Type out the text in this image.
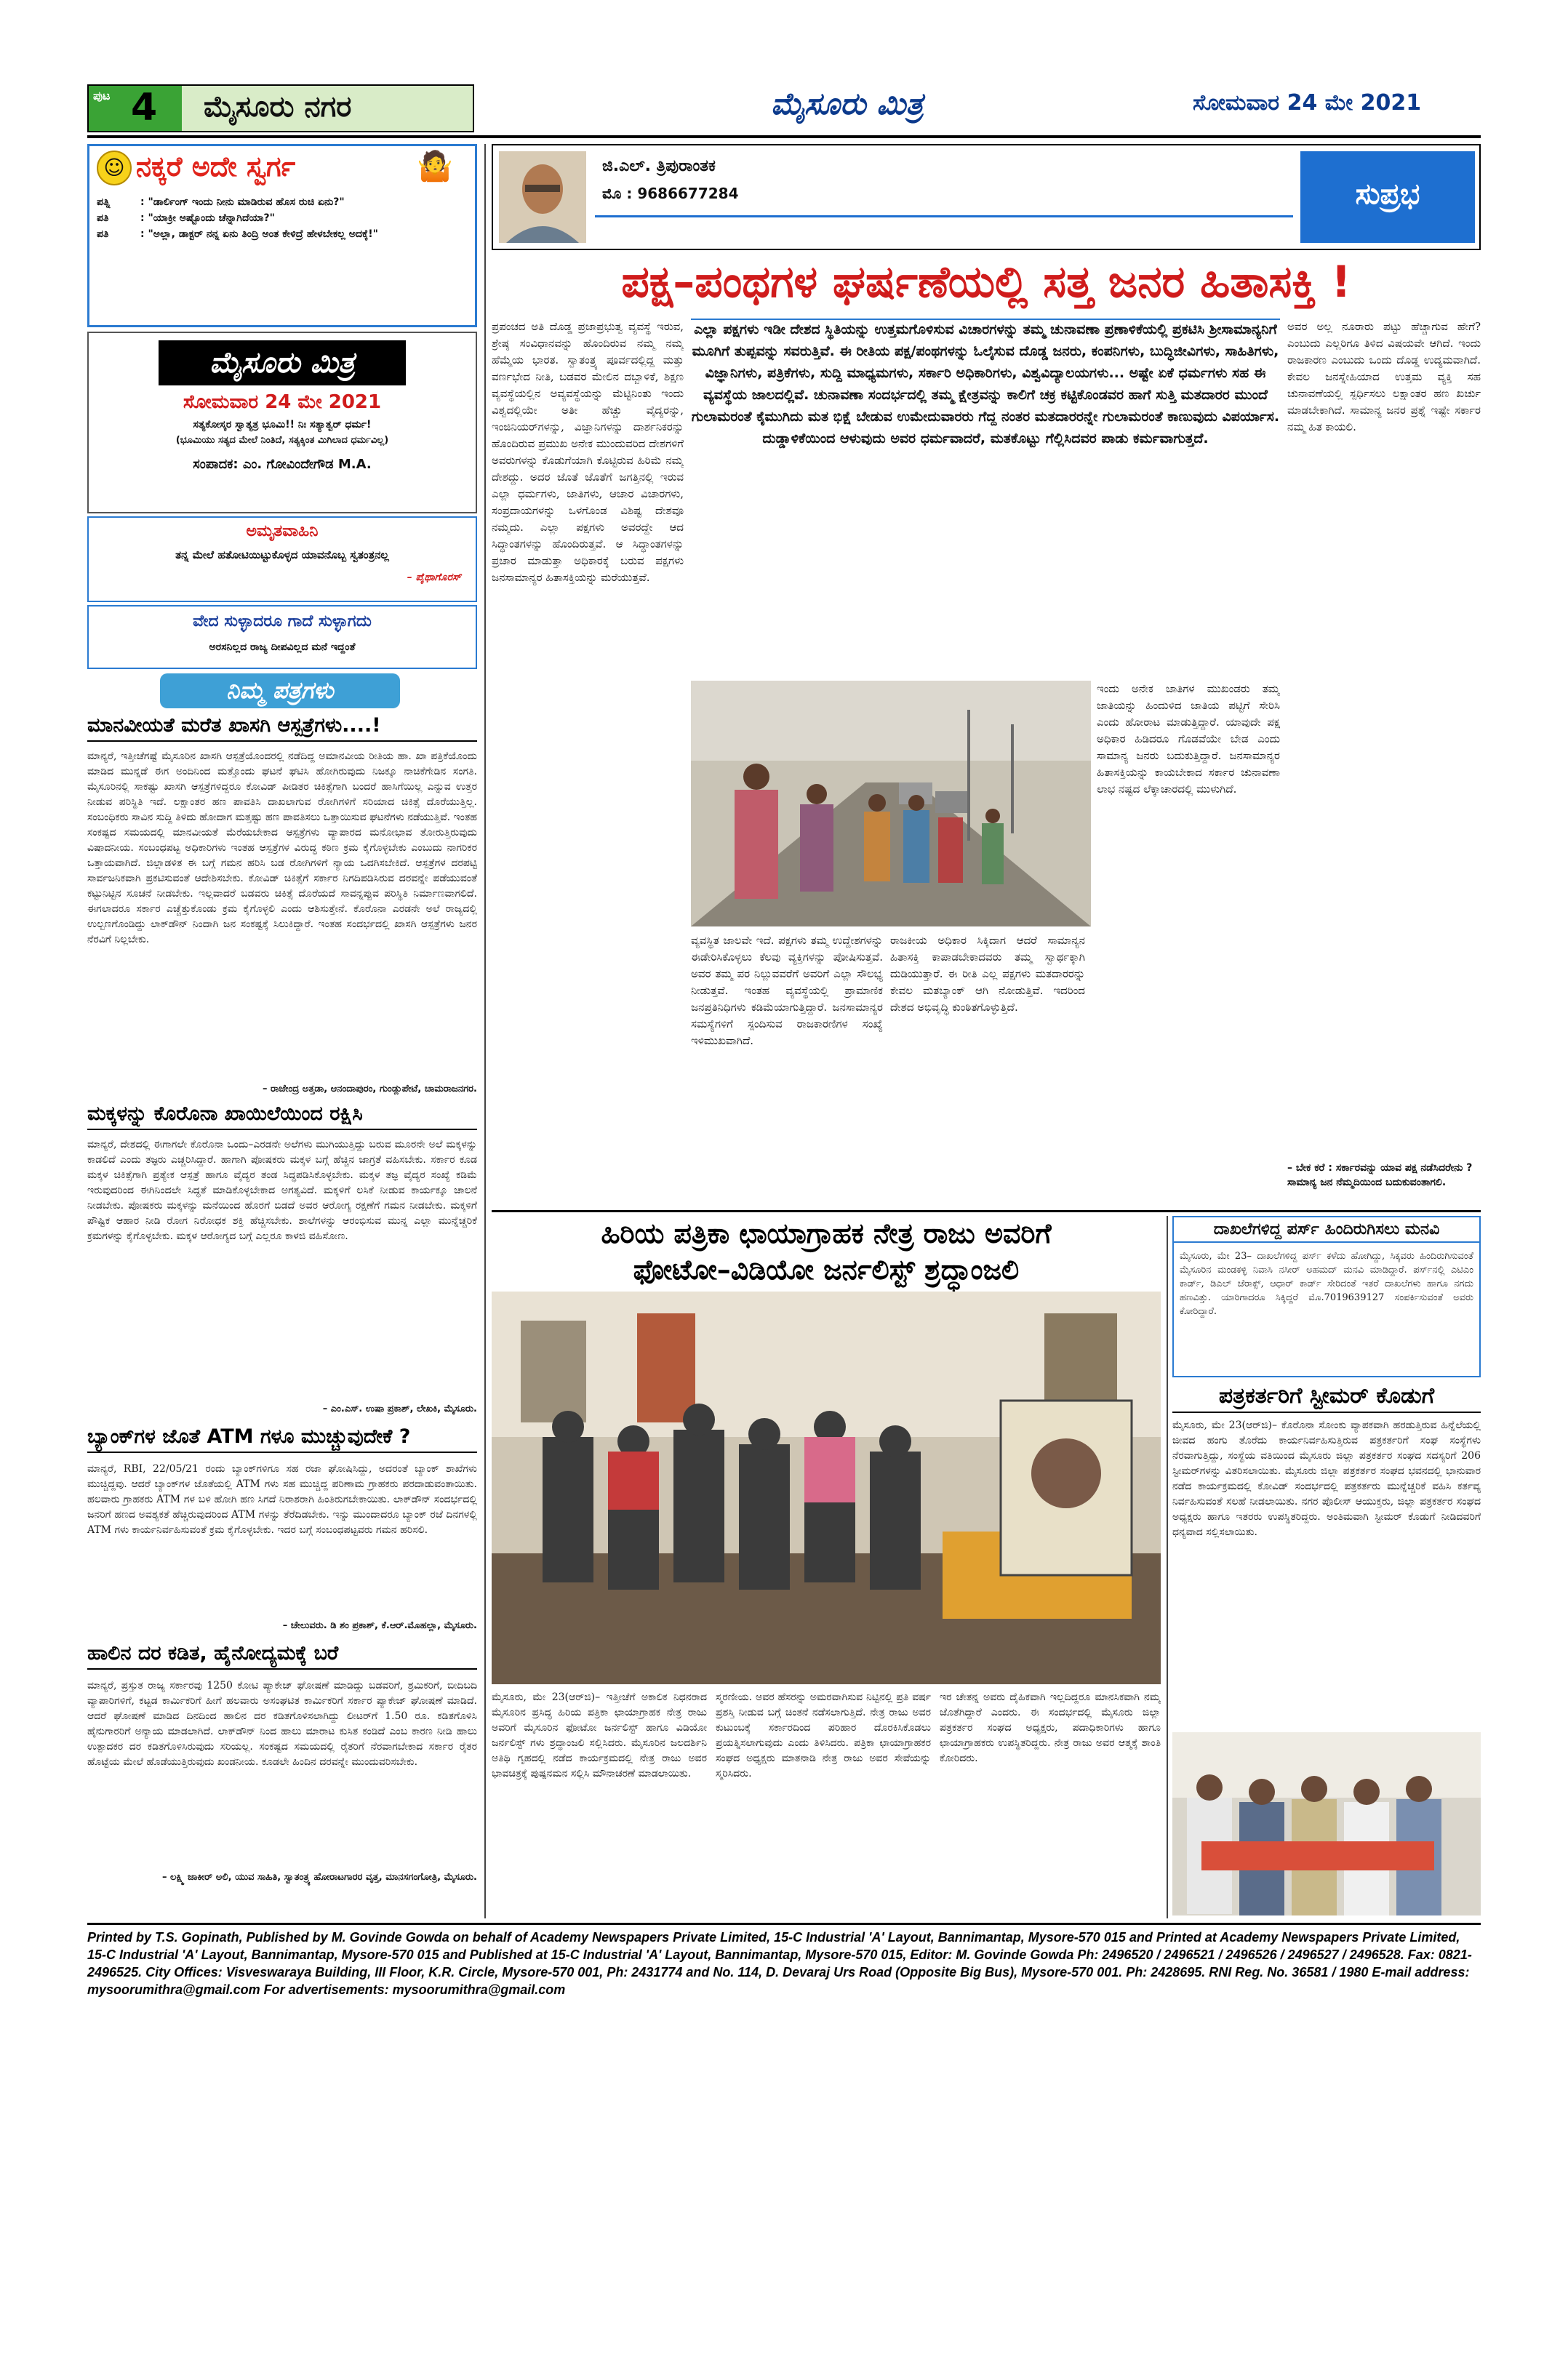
ಪುಟ 4 ಮೈಸೂರು ನಗರ	ಮೈಸೂರು ಮಿತ್ರ	ಸೋಮವಾರ 24 ಮೇ 2021
☺ ನಕ್ಕರೆ ಅದೇ ಸ್ವರ್ಗ	🤷
ಪತ್ನಿ	: "ಡಾರ್ಲಿಂಗ್ ಇಂದು ನೀನು ಮಾಡಿರುವ ಹೊಸ ರುಚಿ ಏನು?"
ಪತಿ	: "ಯಾಕ್ರೀ ಅಷ್ಟೊಂದು ಚೆನ್ನಾಗಿದೆಯಾ?"
ಪತಿ	: "ಅಲ್ಲಾ, ಡಾಕ್ಟರ್ ನನ್ನ ಏನು ತಿಂದ್ರಿ ಅಂತ ಕೇಳಿದ್ರೆ ಹೇಳಬೇಕಲ್ಲ ಅದಕ್ಕೆ!"
ಮೈಸೂರು ಮಿತ್ರ
ಸೋಮವಾರ 24 ಮೇ 2021
ಸತ್ಯಕೋಸ್ಕರ ಸ್ವಾತ್ಯತ್ರ ಭೂಮಿ!! ನಿಃ ಸತ್ಯಾತ್ವರ್ ಧರ್ಮ!
(ಭೂಮಿಯು ಸತ್ಯದ ಮೇಲೆ ನಿಂತಿದೆ, ಸತ್ಯಕ್ಕಿಂತ ಮಿಗಿಲಾದ ಧರ್ಮವಿಲ್ಲ)
ಸಂಪಾದಕ: ಎಂ. ಗೋವಿಂದೇಗೌಡ M.A.
ಅಮೃತವಾಹಿನಿ
ತನ್ನ ಮೇಲೆ ಹತೋಟಿಯಿಟ್ಟುಕೊಳ್ಳದ ಯಾವನೊಬ್ಬ ಸ್ವತಂತ್ರನಲ್ಲ
– ಪೈಥಾಗೊರಸ್
ವೇದ ಸುಳ್ಳಾದರೂ ಗಾದೆ ಸುಳ್ಳಾಗದು
ಅರಸನಿಲ್ಲದ ರಾಜ್ಯ ದೀಪವಿಲ್ಲದ ಮನೆ ಇದ್ದಂತೆ
ನಿಮ್ಮ ಪತ್ರಗಳು
ಮಾನವೀಯತೆ ಮರೆತ ಖಾಸಗಿ ಆಸ್ಪತ್ರೆಗಳು....!
ಮಾನ್ಯರೆ, ಇತ್ತೀಚೆಗಷ್ಟೆ ಮೈಸೂರಿನ ಖಾಸಗಿ ಆಸ್ಪತ್ರೆಯೊಂದರಲ್ಲಿ ನಡೆದಿದ್ದ ಅಮಾನವೀಯ ರೀತಿಯ ಹಾ. ಖಾ ಪತ್ರಿಕೆಯೊಂದು ಮಾಡಿದ ಮುನ್ನಡೆ ಈಗ ಅಂದಿನಿಂದ ಮತ್ತೊಂದು ಘಟನೆ ಘಟಿಸಿ ಹೋಗಿರುವುದು ನಿಜಕ್ಕೂ ನಾಚಿಕೆಗೇಡಿನ ಸಂಗತಿ. ಮೈಸೂರಿನಲ್ಲಿ ಸಾಕಷ್ಟು ಖಾಸಗಿ ಆಸ್ಪತ್ರೆಗಳಿದ್ದರೂ ಕೋವಿಡ್ ಪೀಡಿತರ ಚಿಕಿತ್ಸೆಗಾಗಿ ಬಂದರೆ ಹಾಸಿಗೆಯಿಲ್ಲ ಎನ್ನುವ ಉತ್ತರ ನೀಡುವ ಪರಿಸ್ಥಿತಿ ಇದೆ. ಲಕ್ಷಾಂತರ ಹಣ ಪಾವತಿಸಿ ದಾಖಲಾಗುವ ರೋಗಿಗಳಿಗೆ ಸರಿಯಾದ ಚಿಕಿತ್ಸೆ ದೊರೆಯುತ್ತಿಲ್ಲ. ಸಂಬಂಧಿಕರು ಸಾವಿನ ಸುದ್ದಿ ತಿಳಿದು ಹೋದಾಗ ಮತ್ತಷ್ಟು ಹಣ ಪಾವತಿಸಲು ಒತ್ತಾಯಿಸುವ ಘಟನೆಗಳು ನಡೆಯುತ್ತಿವೆ. ಇಂತಹ ಸಂಕಷ್ಟದ ಸಮಯದಲ್ಲಿ ಮಾನವೀಯತೆ ಮೆರೆಯಬೇಕಾದ ಆಸ್ಪತ್ರೆಗಳು ವ್ಯಾಪಾರದ ಮನೋಭಾವ ತೋರುತ್ತಿರುವುದು ವಿಷಾದನೀಯ. ಸಂಬಂಧಪಟ್ಟ ಅಧಿಕಾರಿಗಳು ಇಂತಹ ಆಸ್ಪತ್ರೆಗಳ ವಿರುದ್ಧ ಕಠಿಣ ಕ್ರಮ ಕೈಗೊಳ್ಳಬೇಕು ಎಂಬುದು ನಾಗರಿಕರ ಒತ್ತಾಯವಾಗಿದೆ. ಜಿಲ್ಲಾಡಳಿತ ಈ ಬಗ್ಗೆ ಗಮನ ಹರಿಸಿ ಬಡ ರೋಗಿಗಳಿಗೆ ನ್ಯಾಯ ಒದಗಿಸಬೇಕಿದೆ. ಆಸ್ಪತ್ರೆಗಳ ದರಪಟ್ಟಿ ಸಾರ್ವಜನಿಕವಾಗಿ ಪ್ರಕಟಿಸುವಂತೆ ಆದೇಶಿಸಬೇಕು. ಕೋವಿಡ್ ಚಿಕಿತ್ಸೆಗೆ ಸರ್ಕಾರ ನಿಗದಿಪಡಿಸಿರುವ ದರವನ್ನೇ ಪಡೆಯುವಂತೆ ಕಟ್ಟುನಿಟ್ಟಿನ ಸೂಚನೆ ನೀಡಬೇಕು. ಇಲ್ಲವಾದರೆ ಬಡವರು ಚಿಕಿತ್ಸೆ ದೊರೆಯದೆ ಸಾವನ್ನಪ್ಪುವ ಪರಿಸ್ಥಿತಿ ನಿರ್ಮಾಣವಾಗಲಿದೆ. ಈಗಲಾದರೂ ಸರ್ಕಾರ ಎಚ್ಚೆತ್ತುಕೊಂಡು ಕ್ರಮ ಕೈಗೊಳ್ಳಲಿ ಎಂದು ಆಶಿಸುತ್ತೇನೆ. ಕೊರೊನಾ ಎರಡನೇ ಅಲೆ ರಾಜ್ಯದಲ್ಲಿ ಉಲ್ಬಣಗೊಂಡಿದ್ದು ಲಾಕ್‌ಡೌನ್ ನಿಂದಾಗಿ ಜನ ಸಂಕಷ್ಟಕ್ಕೆ ಸಿಲುಕಿದ್ದಾರೆ. ಇಂತಹ ಸಂದರ್ಭದಲ್ಲಿ ಖಾಸಗಿ ಆಸ್ಪತ್ರೆಗಳು ಜನರ ನೆರವಿಗೆ ನಿಲ್ಲಬೇಕು.
– ರಾಜೇಂದ್ರ ಅತ್ತಡಾ, ಆನಂದಾಪುರಂ, ಗುಂಡ್ಲುಪೇಟೆ, ಚಾಮರಾಜನಗರ.
ಮಕ್ಕಳನ್ನು ಕೊರೊನಾ ಖಾಯಿಲೆಯಿಂದ ರಕ್ಷಿಸಿ
ಮಾನ್ಯರೆ, ದೇಶದಲ್ಲಿ ಈಗಾಗಲೇ ಕೊರೊನಾ ಒಂದು–ಎರಡನೇ ಅಲೆಗಳು ಮುಗಿಯುತ್ತಿದ್ದು ಬರುವ ಮೂರನೇ ಅಲೆ ಮಕ್ಕಳನ್ನು ಕಾಡಲಿದೆ ಎಂದು ತಜ್ಞರು ಎಚ್ಚರಿಸಿದ್ದಾರೆ. ಹಾಗಾಗಿ ಪೋಷಕರು ಮಕ್ಕಳ ಬಗ್ಗೆ ಹೆಚ್ಚಿನ ಜಾಗ್ರತೆ ವಹಿಸಬೇಕು. ಸರ್ಕಾರ ಕೂಡ ಮಕ್ಕಳ ಚಿಕಿತ್ಸೆಗಾಗಿ ಪ್ರತ್ಯೇಕ ಆಸ್ಪತ್ರೆ ಹಾಗೂ ವೈದ್ಯರ ತಂಡ ಸಿದ್ಧಪಡಿಸಿಕೊಳ್ಳಬೇಕು. ಮಕ್ಕಳ ತಜ್ಞ ವೈದ್ಯರ ಸಂಖ್ಯೆ ಕಡಿಮೆ ಇರುವುದರಿಂದ ಈಗಿನಿಂದಲೇ ಸಿದ್ಧತೆ ಮಾಡಿಕೊಳ್ಳಬೇಕಾದ ಅಗತ್ಯವಿದೆ. ಮಕ್ಕಳಿಗೆ ಲಸಿಕೆ ನೀಡುವ ಕಾರ್ಯಕ್ಕೂ ಚಾಲನೆ ನೀಡಬೇಕು. ಪೋಷಕರು ಮಕ್ಕಳನ್ನು ಮನೆಯಿಂದ ಹೊರಗೆ ಬಿಡದೆ ಅವರ ಆರೋಗ್ಯ ರಕ್ಷಣೆಗೆ ಗಮನ ನೀಡಬೇಕು. ಮಕ್ಕಳಿಗೆ ಪೌಷ್ಟಿಕ ಆಹಾರ ನೀಡಿ ರೋಗ ನಿರೋಧಕ ಶಕ್ತಿ ಹೆಚ್ಚಿಸಬೇಕು. ಶಾಲೆಗಳನ್ನು ಆರಂಭಿಸುವ ಮುನ್ನ ಎಲ್ಲಾ ಮುನ್ನೆಚ್ಚರಿಕೆ ಕ್ರಮಗಳನ್ನು ಕೈಗೊಳ್ಳಬೇಕು. ಮಕ್ಕಳ ಆರೋಗ್ಯದ ಬಗ್ಗೆ ಎಲ್ಲರೂ ಕಾಳಜಿ ವಹಿಸೋಣ.
– ಎಂ.ಎಸ್. ಉಷಾ ಪ್ರಕಾಶ್, ಲೇಖಕಿ, ಮೈಸೂರು.
ಬ್ಯಾಂಕ್‌ಗಳ ಜೊತೆ ATM ಗಳೂ ಮುಚ್ಚುವುದೇಕೆ ?
ಮಾನ್ಯರೆ, RBI, 22/05/21 ರಂದು ಬ್ಯಾಂಕ್‌ಗಳಿಗೂ ಸಹ ರಜಾ ಘೋಷಿಸಿದ್ದು, ಅದರಂತೆ ಬ್ಯಾಂಕ್ ಶಾಖೆಗಳು ಮುಚ್ಚಿದ್ದವು. ಆದರೆ ಬ್ಯಾಂಕ್‌ಗಳ ಜೊತೆಯಲ್ಲಿ ATM ಗಳು ಸಹ ಮುಚ್ಚಿದ್ದ ಪರಿಣಾಮ ಗ್ರಾಹಕರು ಪರದಾಡುವಂತಾಯಿತು. ಹಲವಾರು ಗ್ರಾಹಕರು ATM ಗಳ ಬಳಿ ಹೋಗಿ ಹಣ ಸಿಗದೆ ನಿರಾಶರಾಗಿ ಹಿಂತಿರುಗಬೇಕಾಯಿತು. ಲಾಕ್‌ಡೌನ್ ಸಂದರ್ಭದಲ್ಲಿ ಜನರಿಗೆ ಹಣದ ಅವಶ್ಯಕತೆ ಹೆಚ್ಚಿರುವುದರಿಂದ ATM ಗಳನ್ನು ತೆರೆದಿಡಬೇಕು. ಇನ್ನು ಮುಂದಾದರೂ ಬ್ಯಾಂಕ್ ರಜೆ ದಿನಗಳಲ್ಲಿ ATM ಗಳು ಕಾರ್ಯನಿರ್ವಹಿಸುವಂತೆ ಕ್ರಮ ಕೈಗೊಳ್ಳಬೇಕು. ಇದರ ಬಗ್ಗೆ ಸಂಬಂಧಪಟ್ಟವರು ಗಮನ ಹರಿಸಲಿ.
– ಚೇಲುವರು. ಡಿ ಶಂ ಪ್ರಕಾಶ್, ಕೆ.ಆರ್.ಮೊಹಲ್ಲಾ, ಮೈಸೂರು.
ಹಾಲಿನ ದರ ಕಡಿತ, ಹೈನೋದ್ಯಮಕ್ಕೆ ಬರೆ
ಮಾನ್ಯರೆ, ಪ್ರಸ್ತುತ ರಾಜ್ಯ ಸರ್ಕಾರವು 1250 ಕೋಟಿ ಪ್ಯಾಕೇಜ್ ಘೋಷಣೆ ಮಾಡಿದ್ದು ಬಡವರಿಗೆ, ಶ್ರಮಿಕರಿಗೆ, ಬೀದಿಬದಿ ವ್ಯಾಪಾರಿಗಳಿಗೆ, ಕಟ್ಟಡ ಕಾರ್ಮಿಕರಿಗೆ ಹೀಗೆ ಹಲವಾರು ಅಸಂಘಟಿತ ಕಾರ್ಮಿಕರಿಗೆ ಸರ್ಕಾರ ಪ್ಯಾಕೇಜ್ ಘೋಷಣೆ ಮಾಡಿದೆ. ಆದರೆ ಘೋಷಣೆ ಮಾಡಿದ ದಿನದಿಂದ ಹಾಲಿನ ದರ ಕಡಿತಗೊಳಿಸಲಾಗಿದ್ದು ಲೀಟರ್‌ಗೆ 1.50 ರೂ. ಕಡಿತಗೊಳಿಸಿ ಹೈನುಗಾರರಿಗೆ ಅನ್ಯಾಯ ಮಾಡಲಾಗಿದೆ. ಲಾಕ್‌ಡೌನ್ ನಿಂದ ಹಾಲು ಮಾರಾಟ ಕುಸಿತ ಕಂಡಿದೆ ಎಂಬ ಕಾರಣ ನೀಡಿ ಹಾಲು ಉತ್ಪಾದಕರ ದರ ಕಡಿತಗೊಳಿಸಿರುವುದು ಸರಿಯಲ್ಲ. ಸಂಕಷ್ಟದ ಸಮಯದಲ್ಲಿ ರೈತರಿಗೆ ನೆರವಾಗಬೇಕಾದ ಸರ್ಕಾರ ರೈತರ ಹೊಟ್ಟೆಯ ಮೇಲೆ ಹೊಡೆಯುತ್ತಿರುವುದು ಖಂಡನೀಯ. ಕೂಡಲೇ ಹಿಂದಿನ ದರವನ್ನೇ ಮುಂದುವರಿಸಬೇಕು.
– ಲಕ್ಷ್ಮಿ ಜಾಕೀರ್ ಅಲಿ, ಯುವ ಸಾಹಿತಿ, ಸ್ವಾತಂತ್ರ್ಯ ಹೋರಾಟಗಾರರ ವೃತ್ತ, ಮಾನಸಗಂಗೋತ್ರಿ, ಮೈಸೂರು.
ಜಿ.ಎಲ್. ತ್ರಿಪುರಾಂತಕ
ಮೊ : 9686677284	ಸುಪ್ರಭ
ಪಕ್ಷ–ಪಂಥಗಳ ಘರ್ಷಣೆಯಲ್ಲಿ ಸತ್ತ ಜನರ ಹಿತಾಸಕ್ತಿ !
ಎಲ್ಲಾ ಪಕ್ಷಗಳು ಇಡೀ ದೇಶದ ಸ್ಥಿತಿಯನ್ನು ಉತ್ತಮಗೊಳಿಸುವ ವಿಚಾರಗಳನ್ನು ತಮ್ಮ ಚುನಾವಣಾ ಪ್ರಣಾಳಿಕೆಯಲ್ಲಿ ಪ್ರಕಟಿಸಿ ಶ್ರೀಸಾಮಾನ್ಯನಿಗೆ ಮೂಗಿಗೆ ತುಪ್ಪವನ್ನು ಸವರುತ್ತಿವೆ. ಈ ರೀತಿಯ ಪಕ್ಷ/ಪಂಥಗಳನ್ನು ಓಲೈಸುವ ದೊಡ್ಡ ಜನರು, ಕಂಪನಿಗಳು, ಬುದ್ಧಿಜೀವಿಗಳು, ಸಾಹಿತಿಗಳು, ವಿಜ್ಞಾನಿಗಳು, ಪತ್ರಿಕೆಗಳು, ಸುದ್ದಿ ಮಾಧ್ಯಮಗಳು, ಸರ್ಕಾರಿ ಅಧಿಕಾರಿಗಳು, ವಿಶ್ವವಿದ್ಯಾಲಯಗಳು... ಅಷ್ಟೇ ಏಕೆ ಧರ್ಮಗಳು ಸಹ ಈ ವ್ಯವಸ್ಥೆಯ ಜಾಲದಲ್ಲಿವೆ. ಚುನಾವಣಾ ಸಂದರ್ಭದಲ್ಲಿ ತಮ್ಮ ಕ್ಷೇತ್ರವನ್ನು ಕಾಲಿಗೆ ಚಕ್ರ ಕಟ್ಟಿಕೊಂಡವರ ಹಾಗೆ ಸುತ್ತಿ ಮತದಾರರ ಮುಂದೆ ಗುಲಾಮರಂತೆ ಕೈಮುಗಿದು ಮತ ಭಿಕ್ಷೆ ಬೇಡುವ ಉಮೇದುವಾರರು ಗೆದ್ದ ನಂತರ ಮತದಾರರನ್ನೇ ಗುಲಾಮರಂತೆ ಕಾಣುವುದು ವಿಪರ್ಯಾಸ. ದುಡ್ಡಾಳಿಕೆಯಿಂದ ಆಳುವುದು ಅವರ ಧರ್ಮವಾದರೆ, ಮತಕೊಟ್ಟು ಗೆಲ್ಲಿಸಿದವರ ಪಾಡು ಕರ್ಮವಾಗುತ್ತದೆ.
ಪ್ರಪಂಚದ ಅತಿ ದೊಡ್ಡ ಪ್ರಜಾಪ್ರಭುತ್ವ ವ್ಯವಸ್ಥೆ ಇರುವ, ಶ್ರೇಷ್ಠ ಸಂವಿಧಾನವನ್ನು ಹೊಂದಿರುವ ನಮ್ಮ ನಮ್ಮ ಹೆಮ್ಮೆಯ ಭಾರತ. ಸ್ವಾತಂತ್ರ್ಯ ಪೂರ್ವದಲ್ಲಿದ್ದ ಮತ್ತು ವರ್ಣಭೇದ ನೀತಿ, ಬಡವರ ಮೇಲಿನ ದಬ್ಬಾಳಿಕೆ, ಶಿಕ್ಷಣ ವ್ಯವಸ್ಥೆಯಲ್ಲಿನ ಅವ್ಯವಸ್ಥೆಯನ್ನು ಮೆಟ್ಟಿನಿಂತು ಇಂದು ವಿಶ್ವದಲ್ಲಿಯೇ ಅತೀ ಹೆಚ್ಚು ವೈದ್ಯರನ್ನು, ಇಂಜಿನಿಯರ್‌ಗಳನ್ನು, ವಿಜ್ಞಾನಿಗಳನ್ನು ದಾರ್ಶನಿಕರನ್ನು ಹೊಂದಿರುವ ಪ್ರಮುಖ ಅನೇಕ ಮುಂದುವರಿದ ದೇಶಗಳಿಗೆ ಅವರುಗಳನ್ನು ಕೊಡುಗೆಯಾಗಿ ಕೊಟ್ಟಿರುವ ಹಿರಿಮೆ ನಮ್ಮ ದೇಶದ್ದು. ಅದರ ಜೊತೆ ಜೊತೆಗೆ ಜಗತ್ತಿನಲ್ಲಿ ಇರುವ ಎಲ್ಲಾ ಧರ್ಮಗಳು, ಜಾತಿಗಳು, ಆಚಾರ ವಿಚಾರಗಳು, ಸಂಪ್ರದಾಯಗಳನ್ನು ಒಳಗೊಂಡ ವಿಶಿಷ್ಟ ದೇಶವೂ ನಮ್ಮದು. ಎಲ್ಲಾ ಪಕ್ಷಗಳು ಅವರದ್ದೇ ಆದ ಸಿದ್ಧಾಂತಗಳನ್ನು ಹೊಂದಿರುತ್ತವೆ. ಆ ಸಿದ್ಧಾಂತಗಳನ್ನು ಪ್ರಚಾರ ಮಾಡುತ್ತಾ ಅಧಿಕಾರಕ್ಕೆ ಬರುವ ಪಕ್ಷಗಳು ಜನಸಾಮಾನ್ಯರ ಹಿತಾಸಕ್ತಿಯನ್ನು ಮರೆಯುತ್ತವೆ.
ಇಂದು ಅನೇಕ ಜಾತಿಗಳ ಮುಖಂಡರು ತಮ್ಮ ಜಾತಿಯನ್ನು ಹಿಂದುಳಿದ ಜಾತಿಯ ಪಟ್ಟಿಗೆ ಸೇರಿಸಿ ಎಂದು ಹೋರಾಟ ಮಾಡುತ್ತಿದ್ದಾರೆ. ಯಾವುದೇ ಪಕ್ಷ ಅಧಿಕಾರ ಹಿಡಿದರೂ ಗೊಡವೆಯೇ ಬೇಡ ಎಂದು ಸಾಮಾನ್ಯ ಜನರು ಬದುಕುತ್ತಿದ್ದಾರೆ. ಜನಸಾಮಾನ್ಯರ ಹಿತಾಸಕ್ತಿಯನ್ನು ಕಾಯಬೇಕಾದ ಸರ್ಕಾರ ಚುನಾವಣಾ ಲಾಭ ನಷ್ಟದ ಲೆಕ್ಕಾಚಾರದಲ್ಲಿ ಮುಳುಗಿದೆ.
ವ್ಯವಸ್ಥಿತ ಜಾಲವೇ ಇದೆ. ಪಕ್ಷಗಳು ತಮ್ಮ ಉದ್ದೇಶಗಳನ್ನು ಈಡೇರಿಸಿಕೊಳ್ಳಲು ಕೆಲವು ವ್ಯಕ್ತಿಗಳನ್ನು ಪೋಷಿಸುತ್ತವೆ. ಅವರ ತಮ್ಮ ಪರ ನಿಲ್ಲುವವರೆಗೆ ಅವರಿಗೆ ಎಲ್ಲಾ ಸೌಲಭ್ಯ ನೀಡುತ್ತವೆ. ಇಂತಹ ವ್ಯವಸ್ಥೆಯಲ್ಲಿ ಪ್ರಾಮಾಣಿಕ ಜನಪ್ರತಿನಿಧಿಗಳು ಕಡಿಮೆಯಾಗುತ್ತಿದ್ದಾರೆ. ಜನಸಾಮಾನ್ಯರ ಸಮಸ್ಯೆಗಳಿಗೆ ಸ್ಪಂದಿಸುವ ರಾಜಕಾರಣಿಗಳ ಸಂಖ್ಯೆ ಇಳಿಮುಖವಾಗಿದೆ.
ರಾಜಕೀಯ ಅಧಿಕಾರ ಸಿಕ್ಕಿದಾಗ ಆದರೆ ಸಾಮಾನ್ಯನ ಹಿತಾಸಕ್ತಿ ಕಾಪಾಡಬೇಕಾದವರು ತಮ್ಮ ಸ್ವಾರ್ಥಕ್ಕಾಗಿ ದುಡಿಯುತ್ತಾರೆ. ಈ ರೀತಿ ಎಲ್ಲ ಪಕ್ಷಗಳು ಮತದಾರರನ್ನು ಕೇವಲ ಮತಬ್ಯಾಂಕ್ ಆಗಿ ನೋಡುತ್ತಿವೆ. ಇದರಿಂದ ದೇಶದ ಅಭಿವೃದ್ಧಿ ಕುಂಠಿತಗೊಳ್ಳುತ್ತಿದೆ.
ಅವರ ಅಲ್ಲ ನೂರಾರು ಪಟ್ಟು ಹೆಚ್ಚಾಗುವ ಹೇಗೆ? ಎಂಬುದು ಎಲ್ಲರಿಗೂ ತಿಳಿದ ವಿಷಯವೇ ಆಗಿದೆ. ಇಂದು ರಾಜಕಾರಣ ಎಂಬುದು ಒಂದು ದೊಡ್ಡ ಉದ್ಯಮವಾಗಿದೆ. ಕೇವಲ ಜನಸ್ನೇಹಿಯಾದ ಉತ್ತಮ ವ್ಯಕ್ತಿ ಸಹ ಚುನಾವಣೆಯಲ್ಲಿ ಸ್ಪರ್ಧಿಸಲು ಲಕ್ಷಾಂತರ ಹಣ ಖರ್ಚು ಮಾಡಬೇಕಾಗಿದೆ. ಸಾಮಾನ್ಯ ಜನರ ಪ್ರಶ್ನೆ ಇಷ್ಟೇ ಸರ್ಕಾರ ನಮ್ಮ ಹಿತ ಕಾಯಲಿ.
– ಬೇಕ ಕರೆ : ಸರ್ಕಾರವನ್ನು ಯಾವ ಪಕ್ಷ ನಡೆಸಿದರೇನು ? ಸಾಮಾನ್ಯ ಜನ ನೆಮ್ಮದಿಯಿಂದ ಬದುಕುವಂತಾಗಲಿ.
ಹಿರಿಯ ಪತ್ರಿಕಾ ಛಾಯಾಗ್ರಾಹಕ ನೇತ್ರ ರಾಜು ಅವರಿಗೆ
ಫೋಟೋ–ವಿಡಿಯೋ ಜರ್ನಲಿಸ್ಟ್ ಶ್ರದ್ಧಾಂಜಲಿ
ಮೈಸೂರು, ಮೇ 23(ಆರ್‌ಜಿ)– ಇತ್ತೀಚೆಗೆ ಅಕಾಲಿಕ ನಿಧನರಾದ ಮೈಸೂರಿನ ಪ್ರಸಿದ್ಧ ಹಿರಿಯ ಪತ್ರಿಕಾ ಛಾಯಾಗ್ರಾಹಕ ನೇತ್ರ ರಾಜು ಅವರಿಗೆ ಮೈಸೂರಿನ ಫೋಟೋ ಜರ್ನಲಿಸ್ಟ್ ಹಾಗೂ ವಿಡಿಯೋ ಜರ್ನಲಿಸ್ಟ್ ಗಳು ಶ್ರದ್ಧಾಂಜಲಿ ಸಲ್ಲಿಸಿದರು. ಮೈಸೂರಿನ ಜಲದರ್ಶಿನಿ ಅತಿಥಿ ಗೃಹದಲ್ಲಿ ನಡೆದ ಕಾರ್ಯಕ್ರಮದಲ್ಲಿ ನೇತ್ರ ರಾಜು ಅವರ ಭಾವಚಿತ್ರಕ್ಕೆ ಪುಷ್ಪನಮನ ಸಲ್ಲಿಸಿ ಮೌನಾಚರಣೆ ಮಾಡಲಾಯಿತು.
ಸ್ಮರಣೀಯ. ಅವರ ಹೆಸರನ್ನು ಅಮರವಾಗಿಸುವ ನಿಟ್ಟಿನಲ್ಲಿ ಪ್ರತಿ ವರ್ಷ ಪ್ರಶಸ್ತಿ ನೀಡುವ ಬಗ್ಗೆ ಚಿಂತನೆ ನಡೆಸಲಾಗುತ್ತಿದೆ. ನೇತ್ರ ರಾಜು ಅವರ ಕುಟುಂಬಕ್ಕೆ ಸರ್ಕಾರದಿಂದ ಪರಿಹಾರ ದೊರಕಿಸಿಕೊಡಲು ಪ್ರಯತ್ನಿಸಲಾಗುವುದು ಎಂದು ತಿಳಿಸಿದರು. ಪತ್ರಿಕಾ ಛಾಯಾಗ್ರಾಹಕರ ಸಂಘದ ಅಧ್ಯಕ್ಷರು ಮಾತನಾಡಿ ನೇತ್ರ ರಾಜು ಅವರ ಸೇವೆಯನ್ನು ಸ್ಮರಿಸಿದರು.
ಇರ ಚೇತನ್ನ ಅವರು ದೈಹಿಕವಾಗಿ ಇಲ್ಲದಿದ್ದರೂ ಮಾನಸಿಕವಾಗಿ ನಮ್ಮ ಜೊತೆಗಿದ್ದಾರೆ ಎಂದರು. ಈ ಸಂದರ್ಭದಲ್ಲಿ ಮೈಸೂರು ಜಿಲ್ಲಾ ಪತ್ರಕರ್ತರ ಸಂಘದ ಅಧ್ಯಕ್ಷರು, ಪದಾಧಿಕಾರಿಗಳು ಹಾಗೂ ಛಾಯಾಗ್ರಾಹಕರು ಉಪಸ್ಥಿತರಿದ್ದರು. ನೇತ್ರ ರಾಜು ಅವರ ಆತ್ಮಕ್ಕೆ ಶಾಂತಿ ಕೋರಿದರು.
ದಾಖಲೆಗಳಿದ್ದ ಪರ್ಸ್ ಹಿಂದಿರುಗಿಸಲು ಮನವಿ
ಮೈಸೂರು, ಮೇ 23– ದಾಖಲೆಗಳಿದ್ದ ಪರ್ಸ್ ಕಳೆದು ಹೋಗಿದ್ದು, ಸಿಕ್ಕವರು ಹಿಂದಿರುಗಿಸುವಂತೆ ಮೈಸೂರಿನ ಮಂಡಕಳ್ಳಿ ನಿವಾಸಿ ನಸೀರ್ ಅಹಮದ್ ಮನವಿ ಮಾಡಿದ್ದಾರೆ. ಪರ್ಸ್‌ನಲ್ಲಿ ಎಟಿಎಂ ಕಾರ್ಡ್, ಡಿಎಲ್ ಜೆರಾಕ್ಸ್, ಆಧಾರ್ ಕಾರ್ಡ್ ಸೇರಿದಂತೆ ಇತರೆ ದಾಖಲೆಗಳು ಹಾಗೂ ನಗದು ಹಣವಿತ್ತು. ಯಾರಿಗಾದರೂ ಸಿಕ್ಕಿದ್ದರೆ ಮೊ.7019639127 ಸಂಪರ್ಕಿಸುವಂತೆ ಅವರು ಕೋರಿದ್ದಾರೆ.
ಪತ್ರಕರ್ತರಿಗೆ ಸ್ಟೀಮರ್ ಕೊಡುಗೆ
ಮೈಸೂರು, ಮೇ 23(ಆರ್‌ಜಿ)– ಕೊರೊನಾ ಸೋಂಕು ವ್ಯಾಪಕವಾಗಿ ಹರಡುತ್ತಿರುವ ಹಿನ್ನೆಲೆಯಲ್ಲಿ ಜೀವದ ಹಂಗು ತೊರೆದು ಕಾರ್ಯನಿರ್ವಹಿಸುತ್ತಿರುವ ಪತ್ರಕರ್ತರಿಗೆ ಸಂಘ ಸಂಸ್ಥೆಗಳು ನೆರವಾಗುತ್ತಿದ್ದು, ಸಂಸ್ಥೆಯ ವತಿಯಿಂದ ಮೈಸೂರು ಜಿಲ್ಲಾ ಪತ್ರಕರ್ತರ ಸಂಘದ ಸದಸ್ಯರಿಗೆ 206 ಸ್ಟೀಮರ್‌ಗಳನ್ನು ವಿತರಿಸಲಾಯಿತು. ಮೈಸೂರು ಜಿಲ್ಲಾ ಪತ್ರಕರ್ತರ ಸಂಘದ ಭವನದಲ್ಲಿ ಭಾನುವಾರ ನಡೆದ ಕಾರ್ಯಕ್ರಮದಲ್ಲಿ ಕೋವಿಡ್ ಸಂದರ್ಭದಲ್ಲಿ ಪತ್ರಕರ್ತರು ಮುನ್ನೆಚ್ಚರಿಕೆ ವಹಿಸಿ ಕರ್ತವ್ಯ ನಿರ್ವಹಿಸುವಂತೆ ಸಲಹೆ ನೀಡಲಾಯಿತು. ನಗರ ಪೊಲೀಸ್ ಆಯುಕ್ತರು, ಜಿಲ್ಲಾ ಪತ್ರಕರ್ತರ ಸಂಘದ ಅಧ್ಯಕ್ಷರು ಹಾಗೂ ಇತರರು ಉಪಸ್ಥಿತರಿದ್ದರು. ಅಂತಿಮವಾಗಿ ಸ್ಟೀಮರ್ ಕೊಡುಗೆ ನೀಡಿದವರಿಗೆ ಧನ್ಯವಾದ ಸಲ್ಲಿಸಲಾಯಿತು.
Printed by T.S. Gopinath, Published by M. Govinde Gowda on behalf of Academy Newspapers Private Limited, 15-C Industrial 'A' Layout, Bannimantap, Mysore-570 015 and Printed at Academy Newspapers Private Limited, 15-C Industrial 'A' Layout, Bannimantap, Mysore-570 015 and Published at 15-C Industrial 'A' Layout, Bannimantap, Mysore-570 015, Editor: M. Govinde Gowda Ph: 2496520 / 2496521 / 2496526 / 2496527 / 2496528. Fax: 0821-2496525. City Offices: Visveswaraya Building, III Floor, K.R. Circle, Mysore-570 001, Ph: 2431774 and No. 114, D. Devaraj Urs Road (Opposite Big Bus), Mysore-570 001. Ph: 2428695. RNI Reg. No. 36581 / 1980 E-mail address: mysoorumithra@gmail.com For advertisements: mysoorumithra@gmail.com
